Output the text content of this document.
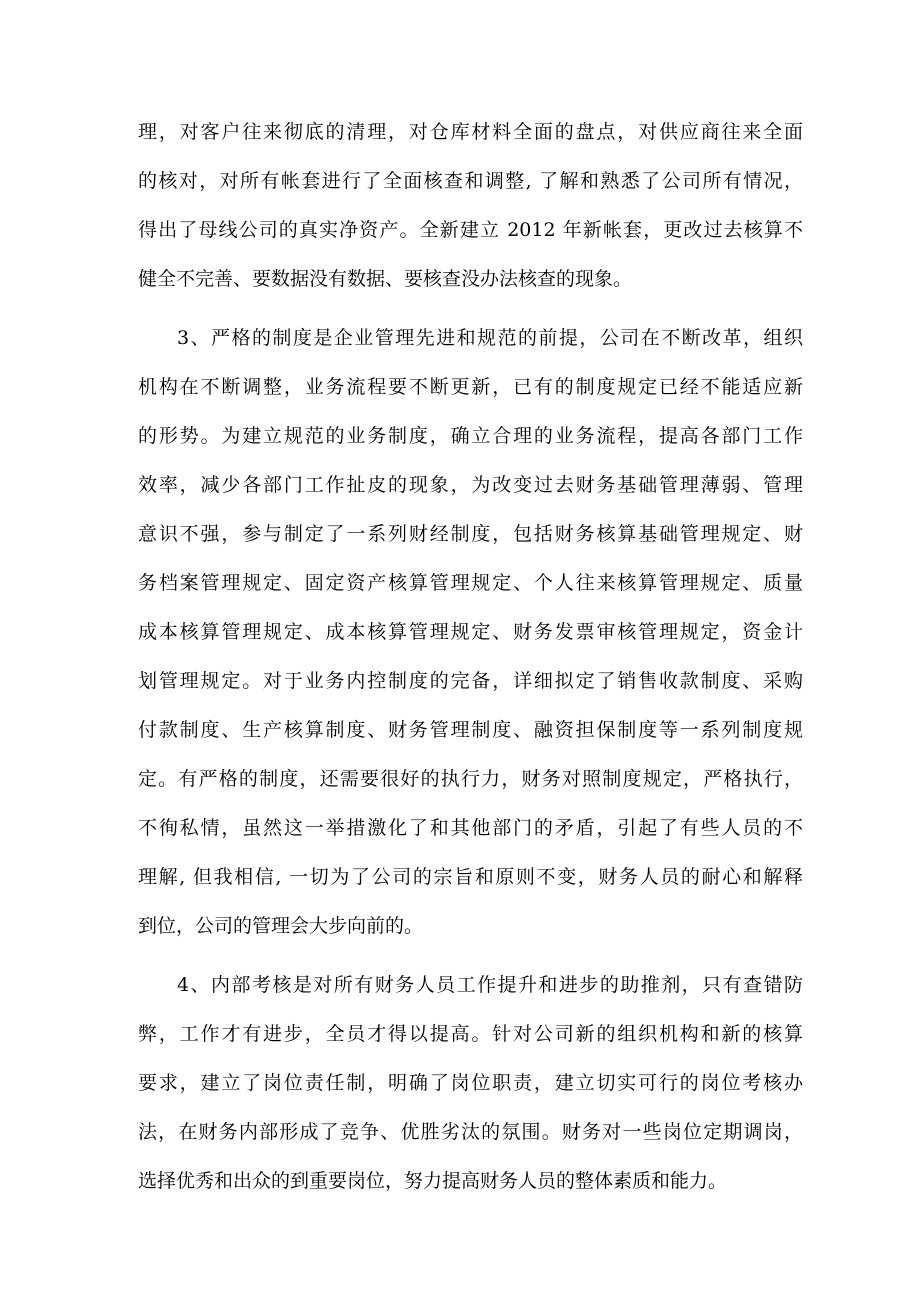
理，对客户往来彻底的清理，对仓库材料全面的盘点，对供应商往来全面
的核对，对所有帐套进行了全面核查和调整, 了解和熟悉了公司所有情况，
得出了母线公司的真实净资产。全新建立 2012 年新帐套，更改过去核算不
健全不完善、要数据没有数据、要核查没办法核查的现象。
3、严格的制度是企业管理先进和规范的前提，公司在不断改革，组织
机构在不断调整，业务流程要不断更新，已有的制度规定已经不能适应新
的形势。为建立规范的业务制度，确立合理的业务流程，提高各部门工作
效率，减少各部门工作扯皮的现象，为改变过去财务基础管理薄弱、管理
意识不强，参与制定了一系列财经制度，包括财务核算基础管理规定、财
务档案管理规定、固定资产核算管理规定、个人往来核算管理规定、质量
成本核算管理规定、成本核算管理规定、财务发票审核管理规定，资金计
划管理规定。对于业务内控制度的完备，详细拟定了销售收款制度、采购
付款制度、生产核算制度、财务管理制度、融资担保制度等一系列制度规
定。有严格的制度，还需要很好的执行力，财务对照制度规定，严格执行，
不徇私情，虽然这一举措激化了和其他部门的矛盾，引起了有些人员的不
理解, 但我相信, 一切为了公司的宗旨和原则不变，财务人员的耐心和解释
到位，公司的管理会大步向前的。
4、内部考核是对所有财务人员工作提升和进步的助推剂，只有查错防
弊，工作才有进步，全员才得以提高。针对公司新的组织机构和新的核算
要求，建立了岗位责任制，明确了岗位职责，建立切实可行的岗位考核办
法，在财务内部形成了竞争、优胜劣汰的氛围。财务对一些岗位定期调岗，
选择优秀和出众的到重要岗位，努力提高财务人员的整体素质和能力。
